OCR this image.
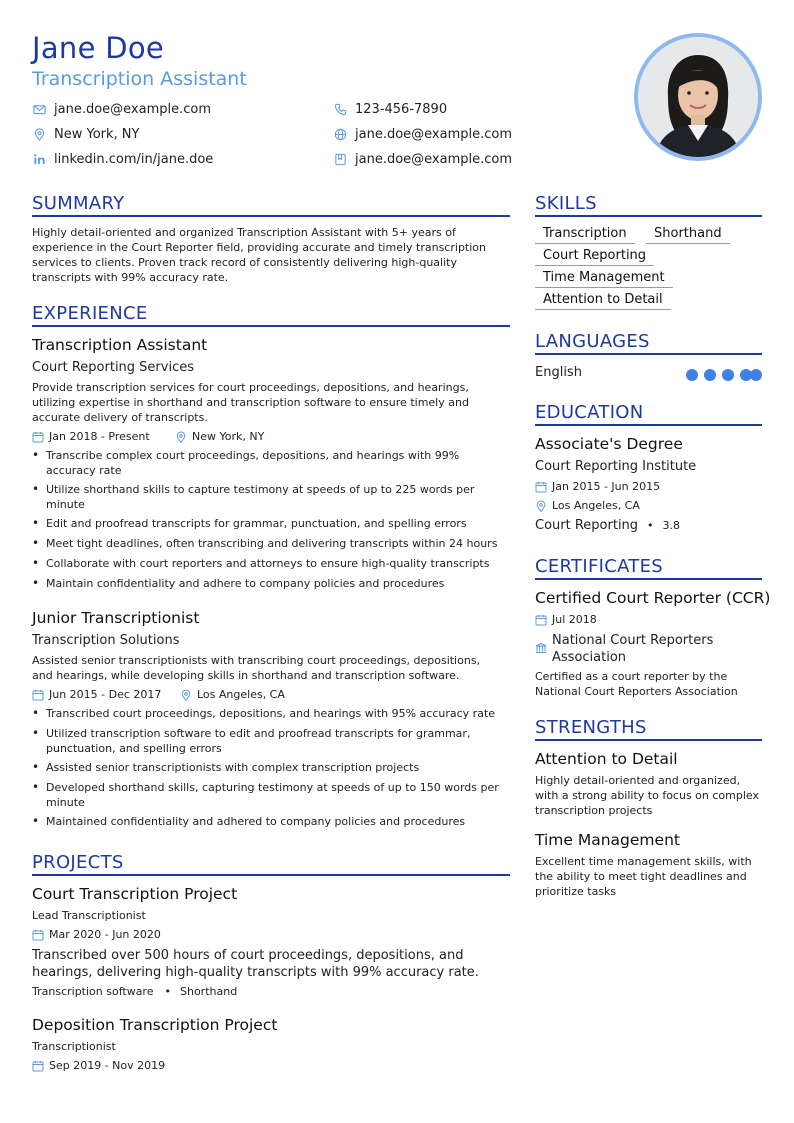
Jane Doe
Transcription Assistant
jane.doe@example.com	123-456-7890
New York, NY	jane.doe@example.com
linkedin.com/in/jane.doe	jane.doe@example.com
SUMMARY
Highly detail-oriented and organized Transcription Assistant with 5+ years of
experience in the Court Reporter field, providing accurate and timely transcription
services to clients. Proven track record of consistently delivering high-quality
transcripts with 99% accuracy rate.
EXPERIENCE
Transcription Assistant
Court Reporting Services
Provide transcription services for court proceedings, depositions, and hearings,
utilizing expertise in shorthand and transcription software to ensure timely and
accurate delivery of transcripts.
Jan 2018 - Present	New York, NY
• Transcribe complex court proceedings, depositions, and hearings with 99%
accuracy rate
• Utilize shorthand skills to capture testimony at speeds of up to 225 words per
minute
• Edit and proofread transcripts for grammar, punctuation, and spelling errors
• Meet tight deadlines, often transcribing and delivering transcripts within 24 hours
• Collaborate with court reporters and attorneys to ensure high-quality transcripts
• Maintain confidentiality and adhere to company policies and procedures
Junior Transcriptionist
Transcription Solutions
Assisted senior transcriptionists with transcribing court proceedings, depositions,
and hearings, while developing skills in shorthand and transcription software.
Jun 2015 - Dec 2017	Los Angeles, CA
• Transcribed court proceedings, depositions, and hearings with 95% accuracy rate
• Utilized transcription software to edit and proofread transcripts for grammar,
punctuation, and spelling errors
• Assisted senior transcriptionists with complex transcription projects
• Developed shorthand skills, capturing testimony at speeds of up to 150 words per
minute
• Maintained confidentiality and adhered to company policies and procedures
PROJECTS
Court Transcription Project
Lead Transcriptionist
Mar 2020 - Jun 2020
Transcribed over 500 hours of court proceedings, depositions, and
hearings, delivering high-quality transcripts with 99% accuracy rate.
Transcription software • Shorthand
Deposition Transcription Project
Transcriptionist
Sep 2019 - Nov 2019
SKILLS
Transcription	Shorthand
Court Reporting
Time Management
Attention to Detail
LANGUAGES
English
EDUCATION
Associate's Degree
Court Reporting Institute
Jan 2015 - Jun 2015
Los Angeles, CA
Court Reporting • 3.8
CERTIFICATES
Certified Court Reporter (CCR)
Jul 2018
National Court Reporters
Association
Certified as a court reporter by the
National Court Reporters Association
STRENGTHS
Attention to Detail
Highly detail-oriented and organized,
with a strong ability to focus on complex
transcription projects
Time Management
Excellent time management skills, with
the ability to meet tight deadlines and
prioritize tasks
